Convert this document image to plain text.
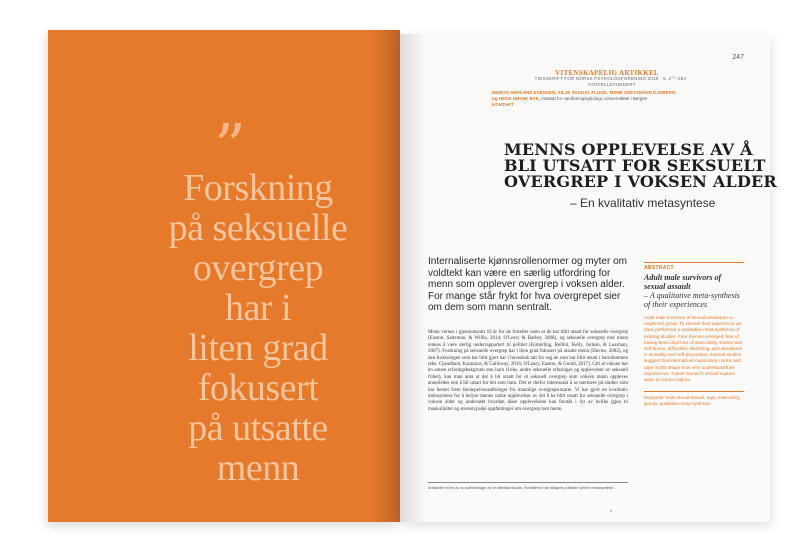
”
Forskning
på seksuelle
overgrep
har i
liten grad
fokusert
på utsatte
menn
247
VITENSKAPELIG ARTIKKEL
TIDSSKRIFT FOR NORSK PSYKOLOGFORENING 2019 · 5, 2°°–254 · FAGFELLEVURDERT
MARITA HOVLAND EVENSEN, SILJE SKADAL FLUGE, TRINE SKESTRAND KJOBERG
og HEGE HØIVIK BYE, Institutt for samfunnspsykologi, Universitetet i Bergen
KONTAKT
MENNS OPPLEVELSE AV Å
BLI UTSATT FOR SEKSUELT
OVERGREP I VOKSEN ALDER
– En kvalitativ metasyntese
Internaliserte kjønnsrollenormer og myter om voldtekt kan være en særlig utfordring for menn som opplever overgrep i voksen alder. For mange står frykt for hva overgrepet sier om dem som mann sentralt.
Menn vernes i gjennomsnitt 10 år for de forteller noen at de har blitt utsatt for seksuelle overgrep (Easton, Saltzman, & Willis, 2014; O'Leary & Barber, 2008), og seksuelle overgrep mot menn tenkes å være særlig underrapportert til politiet (Kimerling, Rellini, Kelly, Judson, & Learman, 2007). Forskning på seksuelle overgrep har i liten grad fokusert på utsatte menn (Davies, 2002), og den forskningen som har blitt gjort har i hovedsak tatt for seg de som har blitt utsatt i barndommen (eks. Cheadham, Karatzias, & Galloway, 2016; O'Leary, Easton, & Gould, 2017). Gitt at voksne har en annen erfaringsbakgrunn enn barn (f.eks. andre seksuelle erfaringer og opplevelser av seksuell frihet), kan man anta at det å bli utsatt for et seksuelt overgrep som voksen mann oppleves annerledes enn å bli utsatt for det som barn. Det er derfor interessant å se nærmere på studier som har hentet frem førstepersonsaftninger fra mannlige overgrepsutsatte. Vi har gjort en kvalitativ metasyntese for å belyse menns unike opplevelser av det å ha blitt utsatt for seksuelle overgrep i voksen alder og undersøkt hvordan disse opplevelsene kan forstås i lys av hvilke igjen til maskulinitet og stereotypiske oppfatninger om overgrep mot menn.
Artikkelen er en av to publiseringer av en litteraturstudie. Forfatterne har tidligere publisert denne metasyntese...
9
ABSTRACT
Adult male survivors of sexual assault
– A qualitative meta-synthesis of their experiences
Adult male survivors of sexual assault are a neglected group. To elevate their experience we have performed a qualitative meta-synthesis of existing studies. Four themes emerged: fear of having been deprived of masculinity, shame and self-blame, difficulties disclosing, and alterations in sexuality and self-perception. Several studies suggest that internalized masculinity norms and rape myths shape how men understand their experiences. Future research should explore ways to reduce stigma.
Keywords: male sexual assault, rape, masculinity, gender, qualitative meta-synthesis
